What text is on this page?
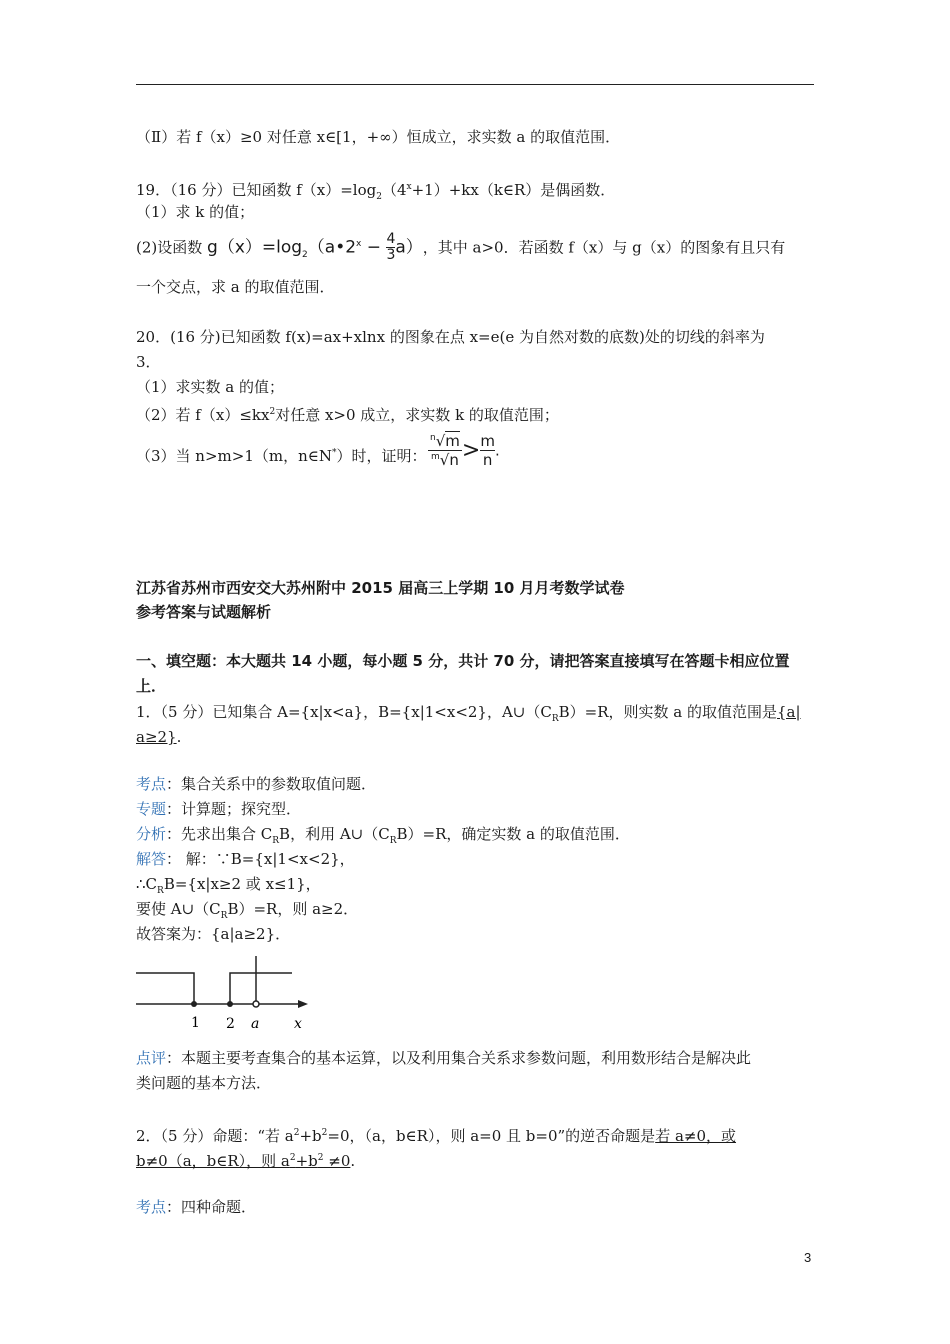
（Ⅱ）若 f（x）≥0 对任意 x∈[1，+∞）恒成立，求实数 a 的取值范围．
19．（16 分）已知函数 $f(x)=\log_2(4^x+1)+kx(k\in R)$是偶函数．
（1）求 k 的值；
(2)设函数 $g(x)=\log_2(a•2^x - \frac{4}{3} a)$，其中 a>0．若函数 f（x）与 g（x）的图象有且只有
一个交点，求 a 的取值范围．
20．(16 分)已知函数 f(x)=ax+xlnx 的图象在点 x=e(e 为自然对数的底数)处的切线的斜率为
3．
（1）求实数 a 的值；
（2）若 $f(x)\le kx^2$对任意 x>0 成立，求实数 k 的取值范围；
（3）当 n>m>1（m，n∈N*）时，证明： $\frac{^n√m}{^m√n} > \frac{m}{n}$ .
江苏省苏州市西安交大苏州附中 2015 届高三上学期 10 月月考数学试卷
参考答案与试题解析
一、填空题：本大题共 14 小题，每小题 5 分，共计 70 分，请把答案直接填写在答题卡相应位置
上．
1．（5 分）已知集合 A={x|x<a}，B={x|1<x<2}，$A\cup(C_RB)=R$，则实数 a 的取值范围是{a|
a≥2}.
考点：集合关系中的参数取值问题．
专题：计算题；探究型．
分析：先求出集合 $C_RB$，利用 $A\cup(C_RB)=R$，确定实数 a 的取值范围．
解答： 解：∵B={x|1<x<2}，
$\therefore C_RB=\{x|x\ge 2$ 或 x≤1}，
要使 $A\cup(C_RB)=R$，则 a≥2．
故答案为：{a|a≥2}．
1 2 a x
点评：本题主要考查集合的基本运算，以及利用集合关系求参数问题，利用数形结合是解决此
类问题的基本方法．
2．（5 分）命题：“若 $a^2+b^2=0$，（a，b∈R），则 a=0 且 b=0”的逆否命题是若 a≠0，或
b≠0（a，b∈R），则 $a^2+b^2 \ne 0$.
考点：四种命题．
3
